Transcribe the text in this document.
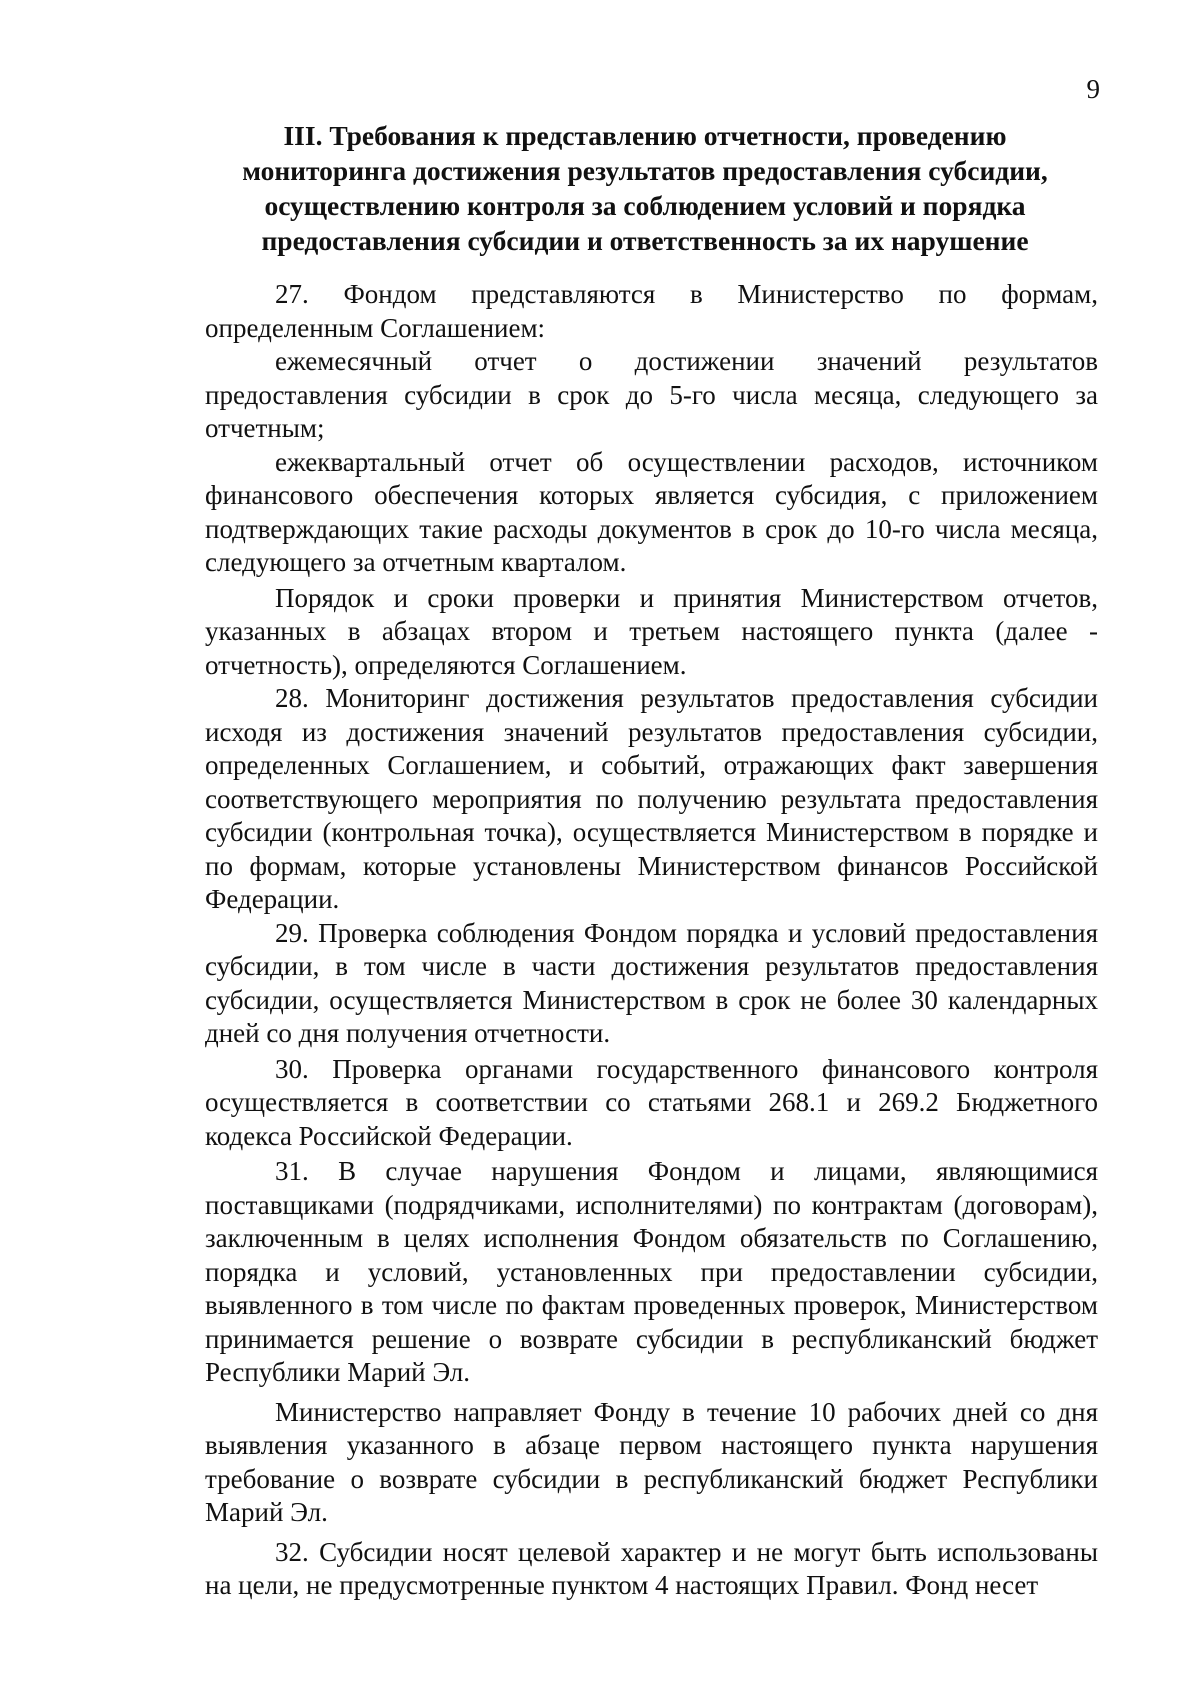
9
III. Требования к представлению отчетности, проведению
мониторинга достижения результатов предоставления субсидии,
осуществлению контроля за соблюдением условий и порядка
предоставления субсидии и ответственность за их нарушение

27. Фондом представляются в Министерство по формам, определенным Соглашением:

ежемесячный отчет о достижении значений результатов предоставления субсидии в срок до 5-го числа месяца, следующего за отчетным;

ежеквартальный отчет об осуществлении расходов, источником финансового обеспечения которых является субсидия, с приложением подтверждающих такие расходы документов в срок до 10-го числа месяца, следующего за отчетным кварталом.

Порядок и сроки проверки и принятия Министерством отчетов, указанных в абзацах втором и третьем настоящего пункта (далее - отчетность), определяются Соглашением.

28. Мониторинг достижения результатов предоставления субсидии исходя из достижения значений результатов предоставления субсидии, определенных Соглашением, и событий, отражающих факт завершения соответствующего мероприятия по получению результата предоставления субсидии (контрольная точка), осуществляется Министерством в порядке и по формам, которые установлены Министерством финансов Российской Федерации.

29. Проверка соблюдения Фондом порядка и условий предоставления субсидии, в том числе в части достижения результатов предоставления субсидии, осуществляется Министерством в срок не более 30 календарных дней со дня получения отчетности.

30. Проверка органами государственного финансового контроля осуществляется в соответствии со статьями 268.1 и 269.2 Бюджетного кодекса Российской Федерации.

31. В случае нарушения Фондом и лицами, являющимися поставщиками (подрядчиками, исполнителями) по контрактам (договорам), заключенным в целях исполнения Фондом обязательств по Соглашению, порядка и условий, установленных при предоставлении субсидии, выявленного в том числе по фактам проведенных проверок, Министерством принимается решение о возврате субсидии в республиканский бюджет Республики Марий Эл.

Министерство направляет Фонду в течение 10 рабочих дней со дня выявления указанного в абзаце первом настоящего пункта нарушения требование о возврате субсидии в республиканский бюджет Республики Марий Эл.

32. Субсидии носят целевой характер и не могут быть использованы на цели, не предусмотренные пунктом 4 настоящих Правил. Фонд несет
